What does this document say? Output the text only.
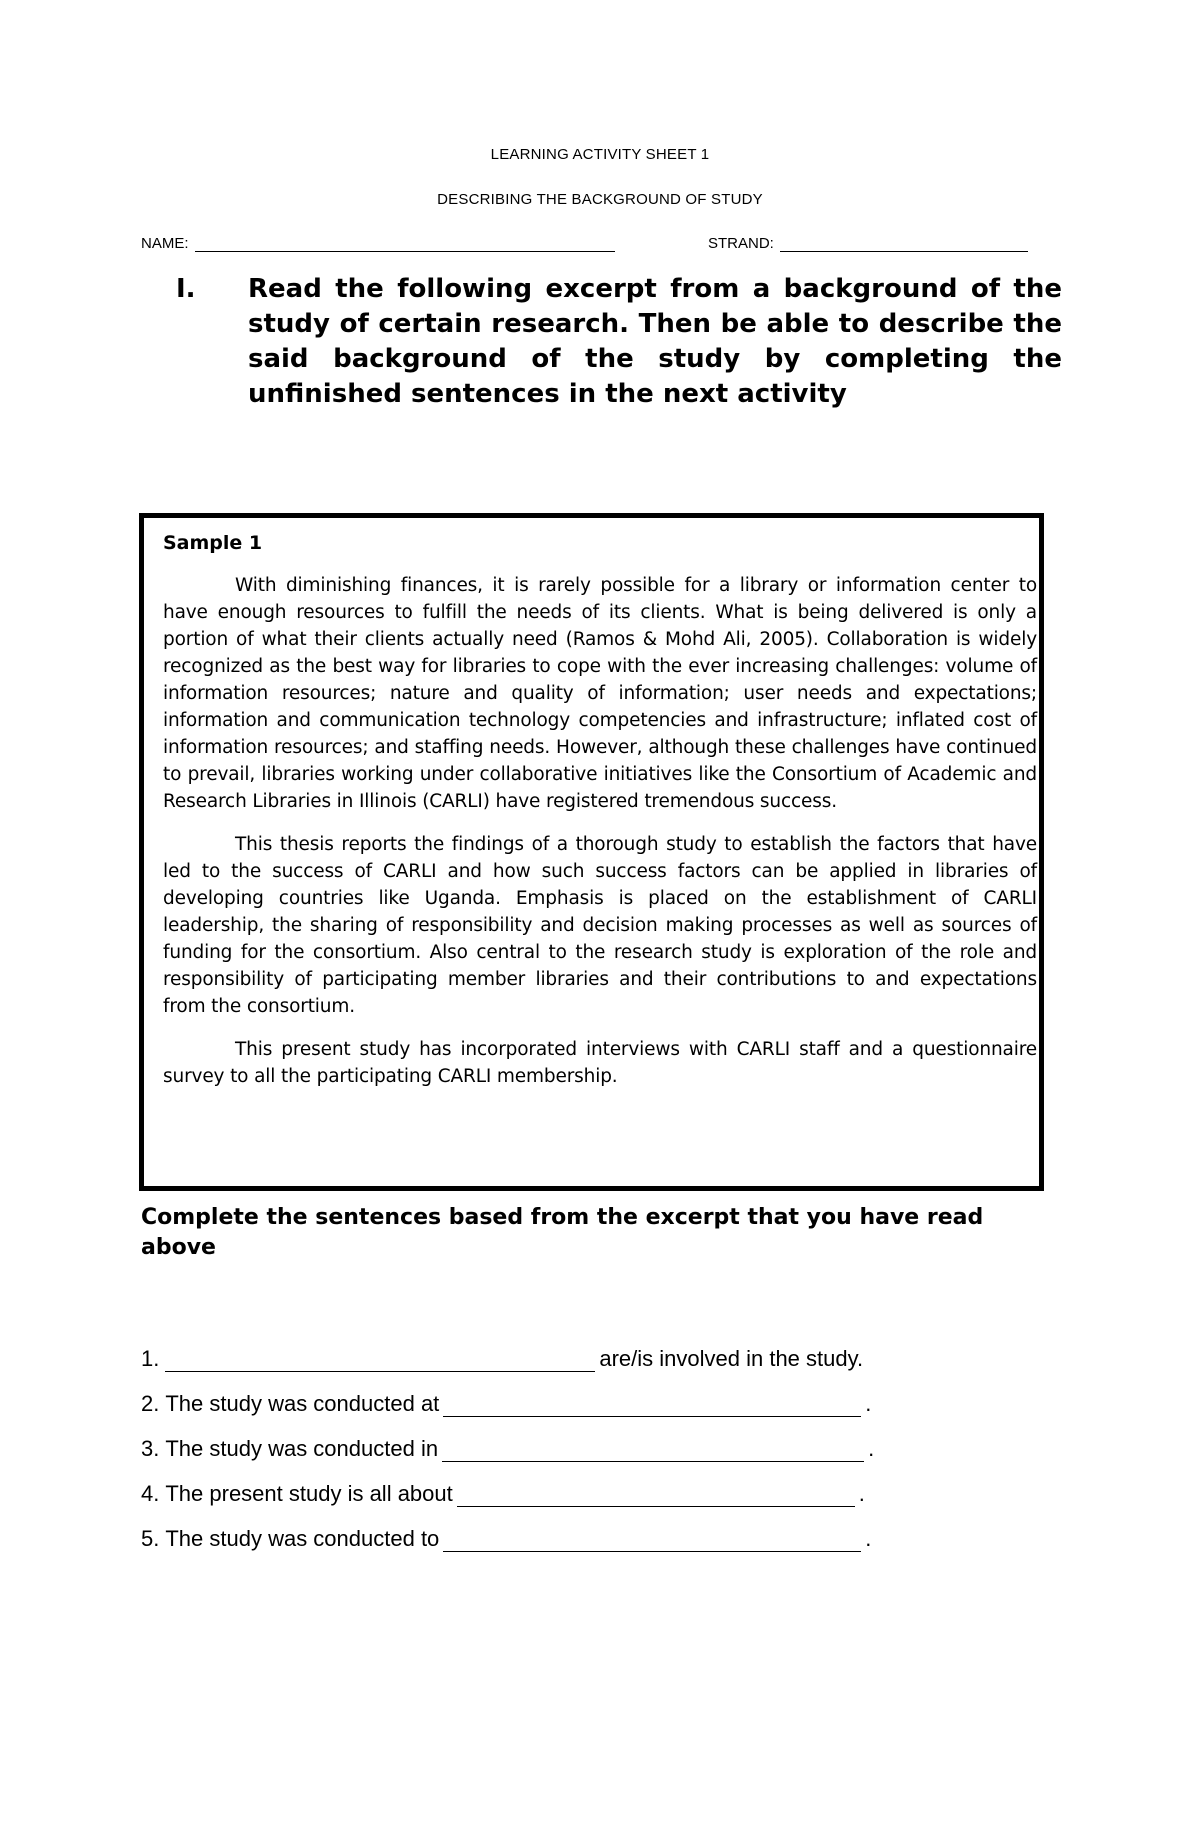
LEARNING ACTIVITY SHEET 1
DESCRIBING THE BACKGROUND OF STUDY
NAME:	STRAND:
I.	Read the following excerpt from a background of the study of certain research. Then be able to describe the said background of the study by completing the unfinished sentences in the next activity
Sample 1

With diminishing finances, it is rarely possible for a library or information center to have enough resources to fulfill the needs of its clients. What is being delivered is only a portion of what their clients actually need (Ramos & Mohd Ali, 2005). Collaboration is widely recognized as the best way for libraries to cope with the ever increasing challenges: volume of information resources; nature and quality of information; user needs and expectations; information and communication technology competencies and infrastructure; inflated cost of information resources; and staffing needs. However, although these challenges have continued to prevail, libraries working under collaborative initiatives like the Consortium of Academic and Research Libraries in Illinois (CARLI) have registered tremendous success.

This thesis reports the findings of a thorough study to establish the factors that have led to the success of CARLI and how such success factors can be applied in libraries of developing countries like Uganda. Emphasis is placed on the establishment of CARLI leadership, the sharing of responsibility and decision making processes as well as sources of funding for the consortium. Also central to the research study is exploration of the role and responsibility of participating member libraries and their contributions to and expectations from the consortium.

This present study has incorporated interviews with CARLI staff and a questionnaire survey to all the participating CARLI membership.

Complete the sentences based from the excerpt that you have read above
1.	are/is involved in the study.
2. The study was conducted at	.
3. The study was conducted in	.
4. The present study is all about	.
5. The study was conducted to	.
